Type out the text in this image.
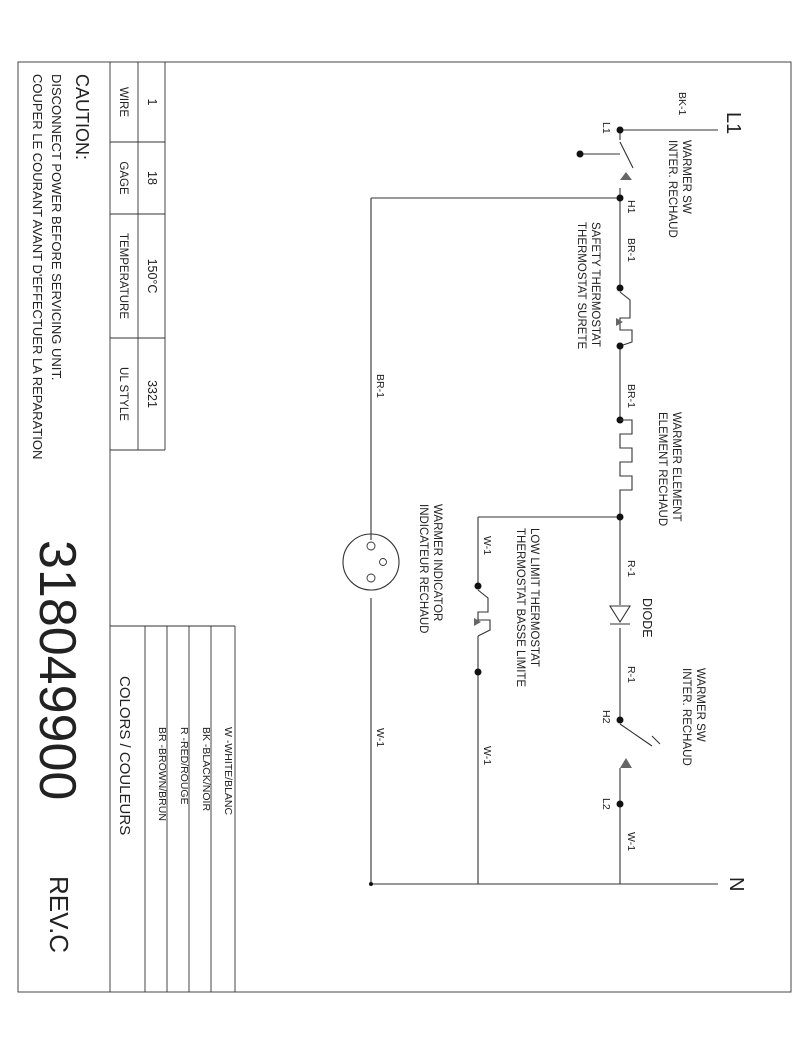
WIRE
GAGE
TEMPERATURE
UL STYLE
1
18
150°C
3321
CAUTION:
DISCONNECT POWER BEFORE SERVICING UNIT.
COUPER LE COURANT AVANT D'EFFECTUER LA REPARATION
318049900
REV.C
COLORS / COULEURS	W -WHITE/BLANC
BK -BLACK/NOIR
R -RED/ROUGE
BR -BROWN/BRUN
L1
N
BK-1
L1
H1
BR-1
BR-1
BR-1
R-1
R-1
H2
L2
W-1
W-1
W-1
W-1
WARMER SW
INTER. RECHAUD
SAFETY THERMOSTAT
THERMOSTAT SURETE
WARMER ELEMENT
ELEMENT RECHAUD
LOW LIMIT THERMOSTAT
THERMOSTAT BASSE LIMITE
WARMER INDICATOR
INDICATEUR RECHAUD	DIODE
WARMER SW
INTER. RECHAUD
